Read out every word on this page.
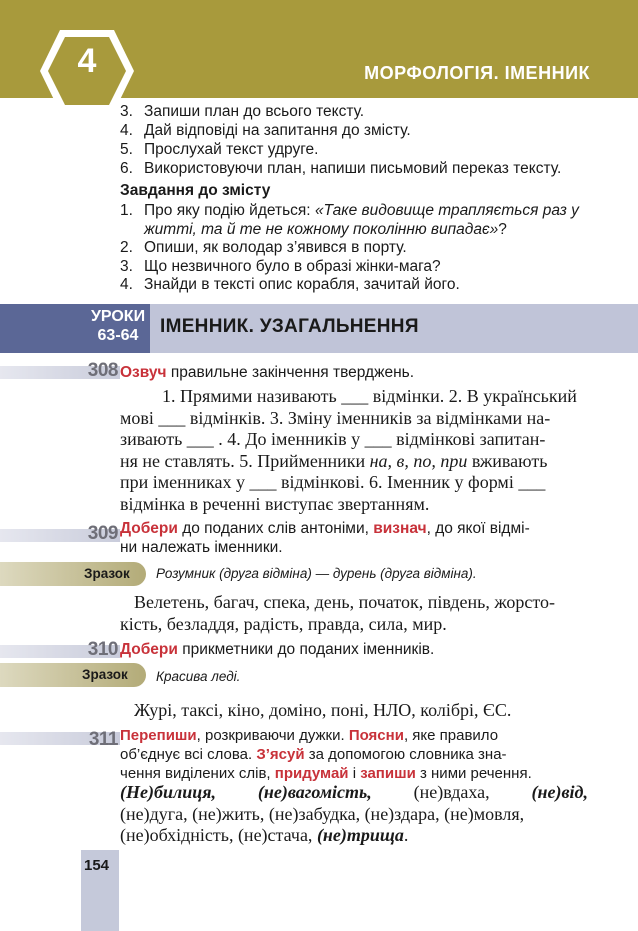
4	МОРФОЛОГІЯ. ІМЕННИК
3. Запиши план до всього тексту.
4. Дай відповіді на запитання до змісту.
5. Прослухай текст удруге.
6. Використовуючи план, напиши письмовий переказ тексту.
Завдання до змісту
1. Про яку подію йдеться: «Таке видовище трапляється раз у
житті, та й те не кожному поколінню випадає»?
2. Опиши, як володар з’явився в порту.
3. Що незвичного було в образі жінки-мага?
4. Знайди в тексті опис корабля, зачитай його.
УРОКИ
63-64	ІМЕННИК. УЗАГАЛЬНЕННЯ
308 Озвуч правильне закінчення тверджень.
1. Прямими називають ___ відмінки. 2. В український
мові ___ відмінків. 3. Зміну іменників за відмінками на-
зивають ___ . 4. До іменників у ___ відмінкові запитан-
ня не ставлять. 5. Прийменники на, в, по, при вживають
при іменниках у ___ відмінкові. 6. Іменник у формі ___
відмінка в реченні виступає звертанням.
309 Добери до поданих слів антоніми, визнач, до якої відмі-
ни належать іменники.
Зразок Розумник (друга відміна) — дурень (друга відміна).
Велетень, багач, спека, день, початок, південь, жорсто-
кість, безладдя, радість, правда, сила, мир.
310 Добери прикметники до поданих іменників.
Зразок Красива леді.
Журі, таксі, кіно, доміно, поні, НЛО, колібрі, ЄС.
311 Перепиши, розкриваючи дужки. Поясни, яке правило
об’єднує всі слова. З’ясуй за допомогою словника зна-
чення виділених слів, придумай і запиши з ними речення.
(Не)билиця, (не)вагомість, (не)вдаха, (не)від,
(не)дуга, (не)жить, (не)забудка, (не)здара, (не)мовля,
(не)обхідність, (не)стача, (не)трища.
154
